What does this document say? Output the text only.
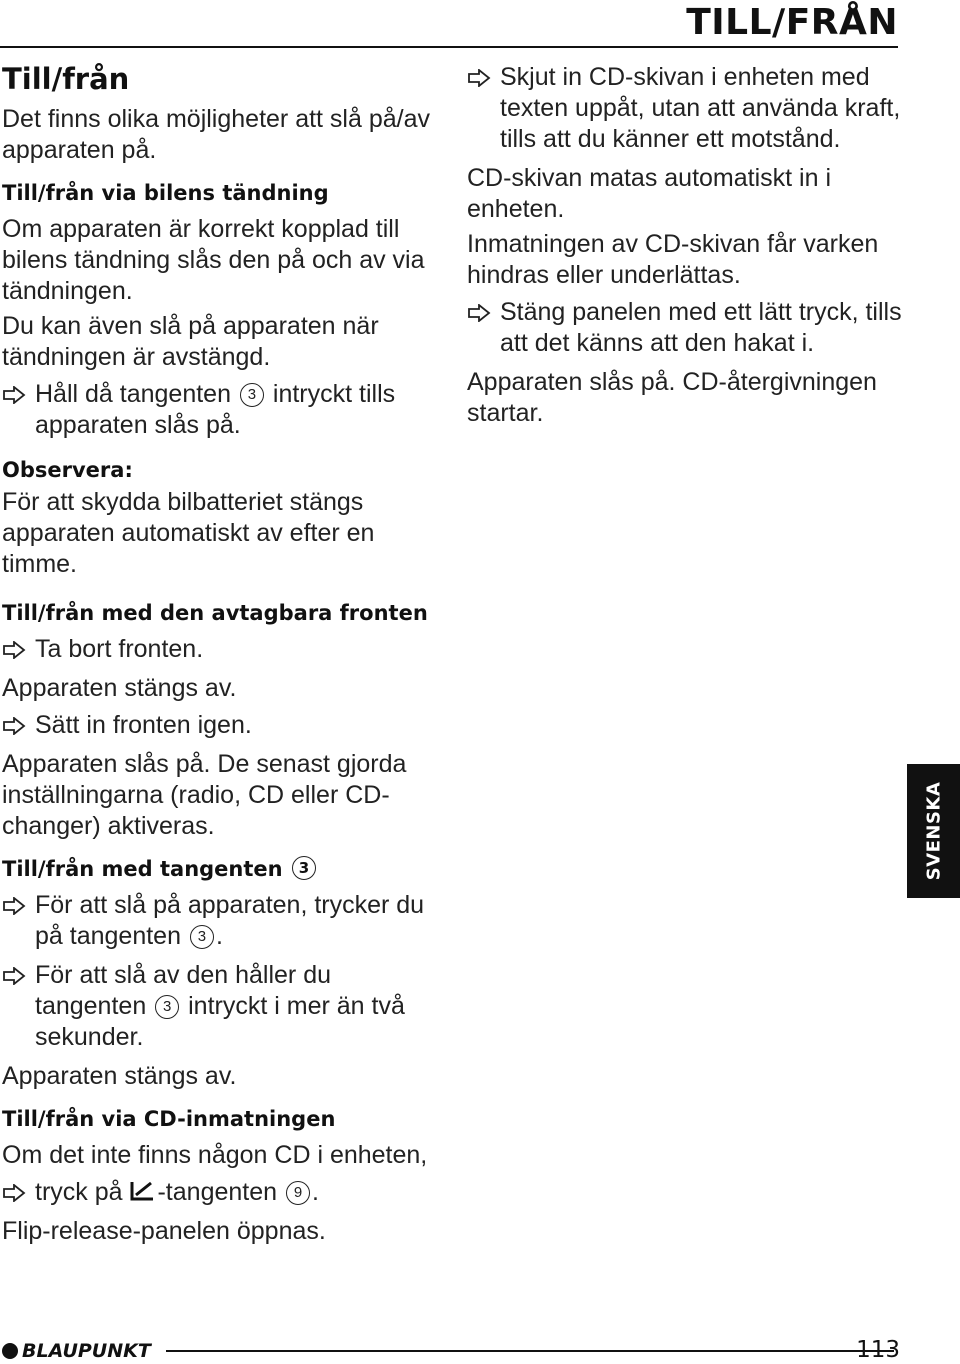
TILL/FRÅN
Till/från
Det finns olika möjligheter att slå på/av apparaten på.
Till/från via bilens tändning
Om apparaten är korrekt kopplad till bilens tändning slås den på och av via tändningen.
Du kan även slå på apparaten när tändningen är avstängd.
Håll då tangenten 3 intryckt tills apparaten slås på.
Observera:
För att skydda bilbatteriet stängs apparaten automatiskt av efter en timme.
Till/från med den avtagbara fronten
Ta bort fronten.
Apparaten stängs av.
Sätt in fronten igen.
Apparaten slås på. De senast gjorda inställningarna (radio, CD eller CD-changer) aktiveras.
Till/från med tangenten 3
För att slå på apparaten, trycker du på tangenten 3 .
För att slå av den håller du tangenten 3 intryckt i mer än två sekunder.
Apparaten stängs av.
Till/från via CD-inmatningen
Om det inte finns någon CD i enheten,
tryck på -tangenten 9 .
Flip-release-panelen öppnas.
Skjut in CD-skivan i enheten med texten uppåt, utan att använda kraft, tills att du känner ett motstånd.
CD-skivan matas automatiskt in i enheten.
Inmatningen av CD-skivan får varken hindras eller underlättas.
Stäng panelen med ett lätt tryck, tills att det känns att den hakat i.
Apparaten slås på. CD-återgivningen startar.
SVENSKA
BLAUPUNKT	113
